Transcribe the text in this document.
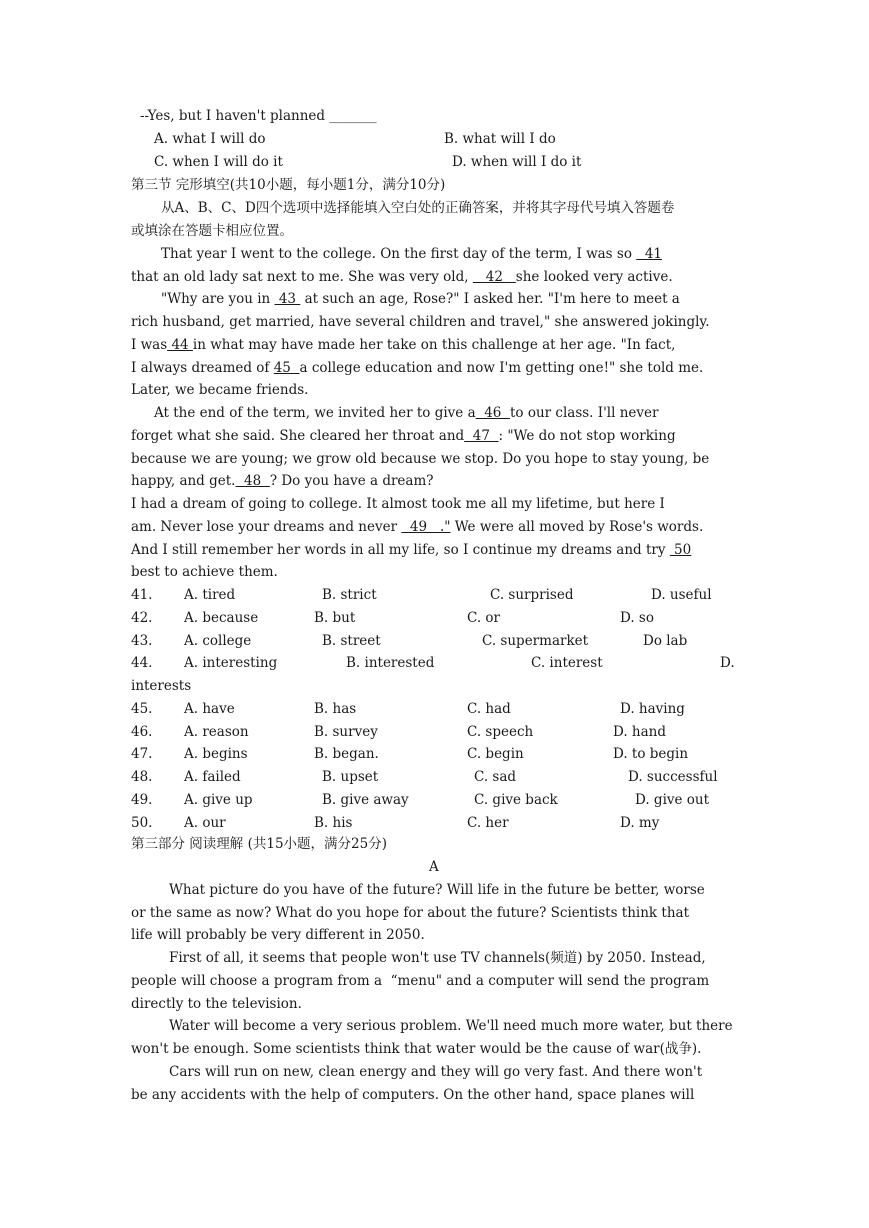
--Yes, but I haven't planned _______
A. what I will do	B. what will I do
C. when I will do it	D. when will I do it
第三节 完形填空(共10小题，每小题1分，满分10分)
从A、B、C、D四个选项中选择能填入空白处的正确答案，并将其字母代号填入答题卷
或填涂在答题卡相应位置。
That year I went to the college. On the first day of the term, I was so   41
that an old lady sat next to me. She was very old,    42   she looked very active.
"Why are you in  43  at such an age, Rose?" I asked her. "I'm here to meet a
rich husband, get married, have several children and travel," she answered jokingly.
I was 44 in what may have made her take on this challenge at her age. "In fact,
I always dreamed of 45  a college education and now I'm getting one!" she told me.
Later, we became friends.
At the end of the term, we invited her to give a  46  to our class. I'll never
forget what she said. She cleared her throat and  47  : "We do not stop working
because we are young; we grow old because we stop. Do you hope to stay young, be
happy, and get.  48  ? Do you have a dream?
I had a dream of going to college. It almost took me all my lifetime, but here I
am. Never lose your dreams and never   49   ." We were all moved by Rose's words.
And I still remember her words in all my life, so I continue my dreams and try  50
best to achieve them.
41. A. tired	B. strict	C. surprised	D. useful
42. A. because	B. but	C. or	D. so
43. A. college	B. street	C. supermarket	Do lab
44. A. interesting	B. interested	C. interest	D.
interests
45. A. have	B. has	C. had	D. having
46. A. reason	B. survey	C. speech	D. hand
47. A. begins	B. began.	C. begin	D. to begin
48. A. failed	B. upset	C. sad	D. successful
49. A. give up	B. give away	C. give back	D. give out
50. A. our	B. his	C. her	D. my
第三部分 阅读理解 (共15小题，满分25分)
A
What picture do you have of the future? Will life in the future be better, worse
or the same as now? What do you hope for about the future? Scientists think that
life will probably be very different in 2050.
First of all, it seems that people won't use TV channels(频道) by 2050. Instead,
people will choose a program from a  “menu" and a computer will send the program
directly to the television.
Water will become a very serious problem. We'll need much more water, but there
won't be enough. Some scientists think that water would be the cause of war(战争).
Cars will run on new, clean energy and they will go very fast. And there won't
be any accidents with the help of computers. On the other hand, space planes will
